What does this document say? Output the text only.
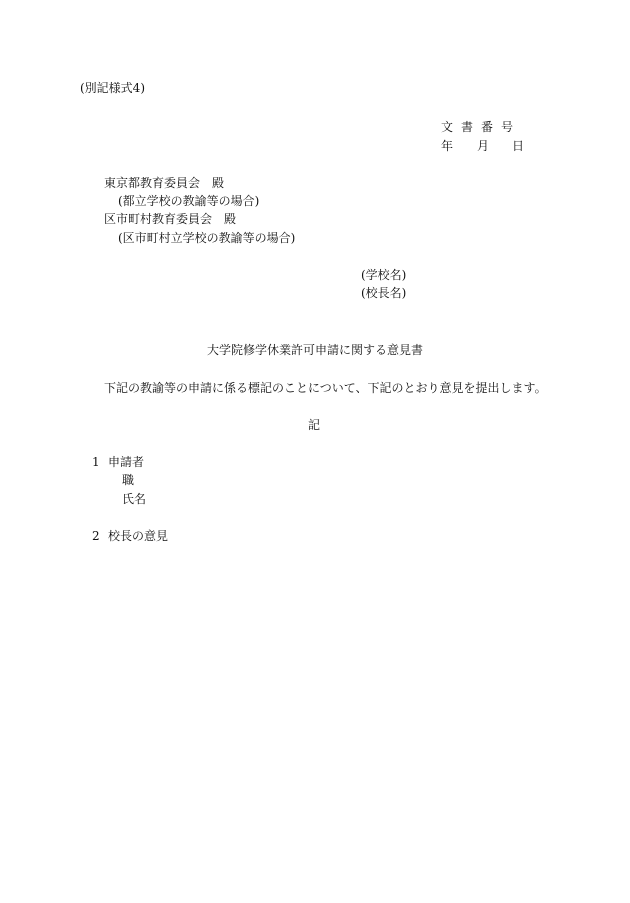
(別記様式4)
文書番号
年 月 日
東京都教育委員会　殿
(都立学校の教諭等の場合)
区市町村教育委員会　殿
(区市町村立学校の教諭等の場合)
(学校名)
(校長名)
大学院修学休業許可申請に関する意見書
下記の教諭等の申請に係る標記のことについて、下記のとおり意見を提出します。
記
1 申請者
職
氏名
2 校長の意見
